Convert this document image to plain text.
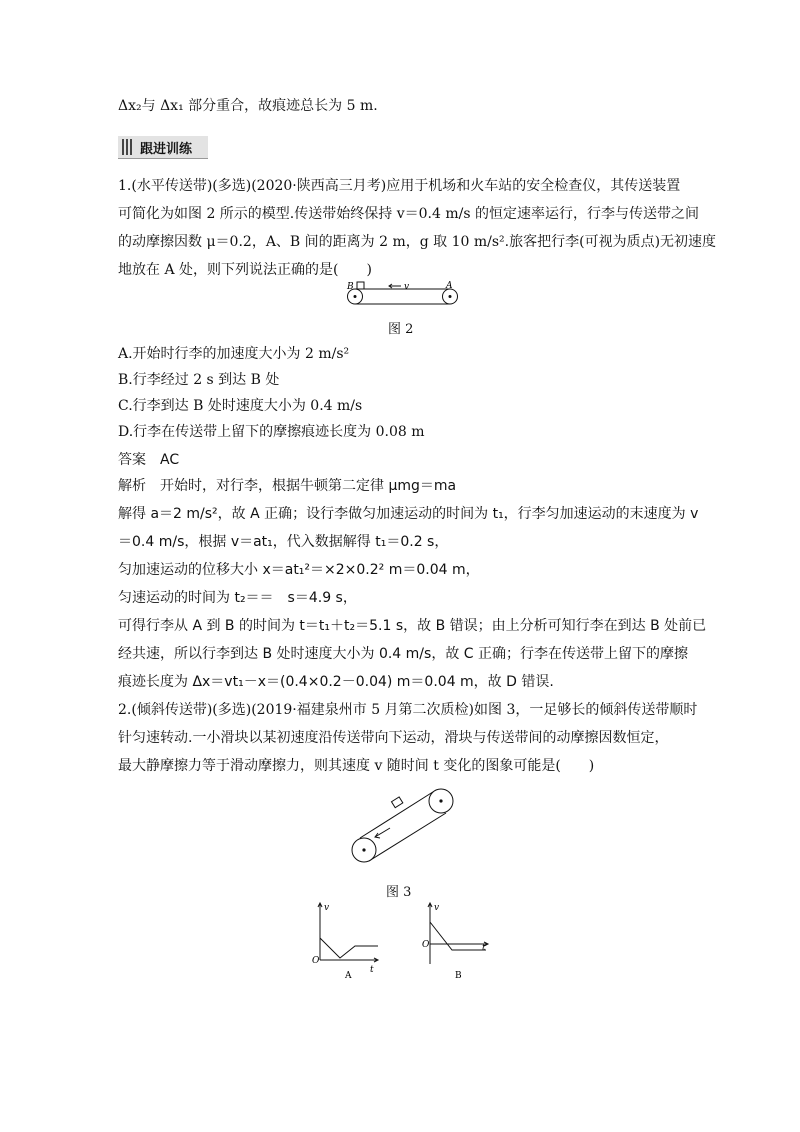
Δx₂与 Δx₁ 部分重合，故痕迹总长为 5 m.
跟进训练
1.(水平传送带)(多选)(2020·陕西高三月考)应用于机场和火车站的安全检查仪，其传送装置
可简化为如图 2 所示的模型.传送带始终保持 v＝0.4 m/s 的恒定速率运行，行李与传送带之间
的动摩擦因数 μ＝0.2，A、B 间的距离为 2 m，g 取 10 m/s².旅客把行李(可视为质点)无初速度
地放在 A 处，则下列说法正确的是(　　)
B	v	A
图 2
A.开始时行李的加速度大小为 2 m/s²
B.行李经过 2 s 到达 B 处
C.行李到达 B 处时速度大小为 0.4 m/s
D.行李在传送带上留下的摩擦痕迹长度为 0.08 m
答案　AC
解析　开始时，对行李，根据牛顿第二定律 μmg＝ma
解得 a＝2 m/s²，故 A 正确；设行李做匀加速运动的时间为 t₁，行李匀加速运动的末速度为 v
＝0.4 m/s，根据 v＝at₁，代入数据解得 t₁＝0.2 s，
匀加速运动的位移大小 x＝at₁²＝×2×0.2² m＝0.04 m，
匀速运动的时间为 t₂＝＝　s＝4.9 s，
可得行李从 A 到 B 的时间为 t＝t₁＋t₂＝5.1 s，故 B 错误；由上分析可知行李在到达 B 处前已
经共速，所以行李到达 B 处时速度大小为 0.4 m/s，故 C 正确；行李在传送带上留下的摩擦
痕迹长度为 Δx＝vt₁－x＝(0.4×0.2－0.04) m＝0.04 m，故 D 错误.
2.(倾斜传送带)(多选)(2019·福建泉州市 5 月第二次质检)如图 3，一足够长的倾斜传送带顺时
针匀速转动.一小滑块以某初速度沿传送带向下运动，滑块与传送带间的动摩擦因数恒定，
最大静摩擦力等于滑动摩擦力，则其速度 v 随时间 t 变化的图象可能是(　　)
图 3
v
t
O
A
v
t
O
B
